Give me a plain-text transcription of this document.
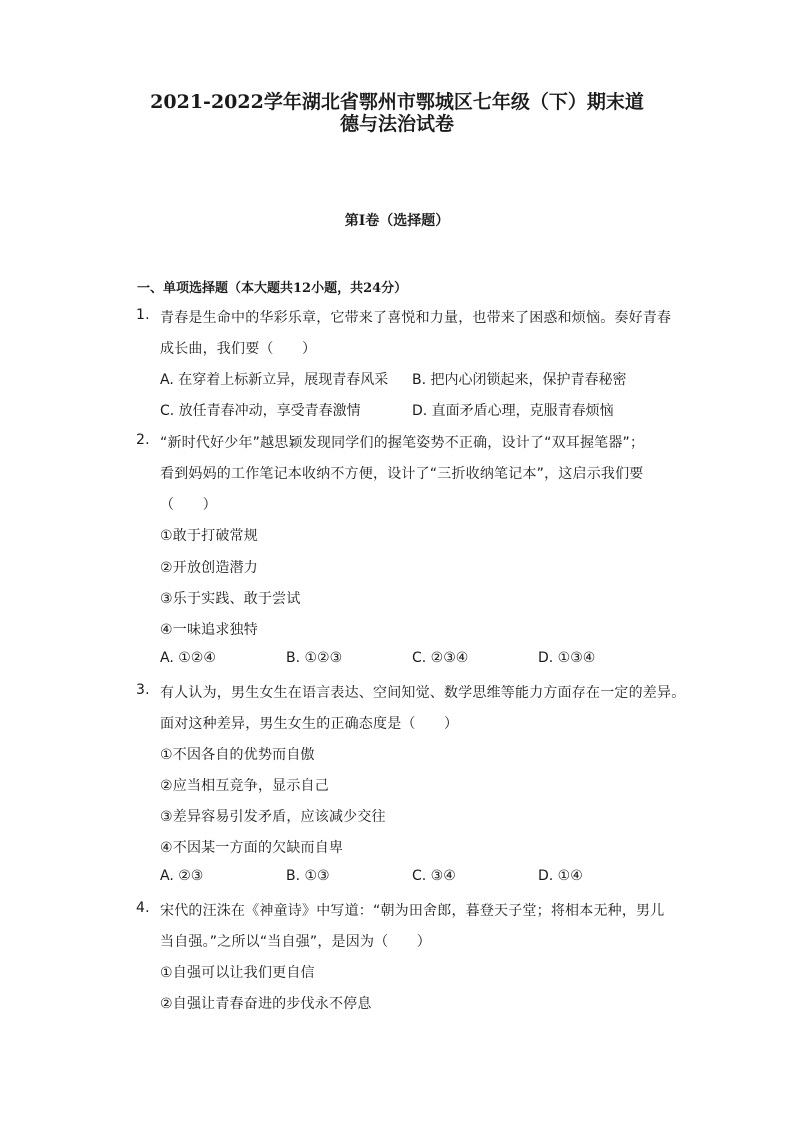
2021-2022学年湖北省鄂州市鄂城区七年级（下）期末道
德与法治试卷
第I卷（选择题）
一、单项选择题（本大题共12小题，共24分）
1. 青春是生命中的华彩乐章，它带来了喜悦和力量，也带来了困惑和烦恼。奏好青春
成长曲，我们要（　　）
A. 在穿着上标新立异，展现青春风采 B. 把内心闭锁起来，保护青春秘密
C. 放任青春冲动，享受青春激情	D. 直面矛盾心理，克服青春烦恼
2. “新时代好少年”越思颖发现同学们的握笔姿势不正确，设计了“双耳握笔器”；
看到妈妈的工作笔记本收纳不方便，设计了“三折收纳笔记本”，这启示我们要
（　　）
①敢于打破常规
②开放创造潜力
③乐于实践、敢于尝试
④一味追求独特
A. ①②④	B. ①②③	C. ②③④	D. ①③④
3. 有人认为，男生女生在语言表达、空间知觉、数学思维等能力方面存在一定的差异。
面对这种差异，男生女生的正确态度是（　　）
①不因各自的优势而自傲
②应当相互竞争，显示自己
③差异容易引发矛盾，应该减少交往
④不因某一方面的欠缺而自卑
A. ②③	B. ①③	C. ③④	D. ①④
4. 宋代的汪洙在《神童诗》中写道：“朝为田舍郎，暮登天子堂；将相本无种，男儿
当自强。”之所以“当自强”，是因为（　　）
①自强可以让我们更自信
②自强让青春奋进的步伐永不停息
